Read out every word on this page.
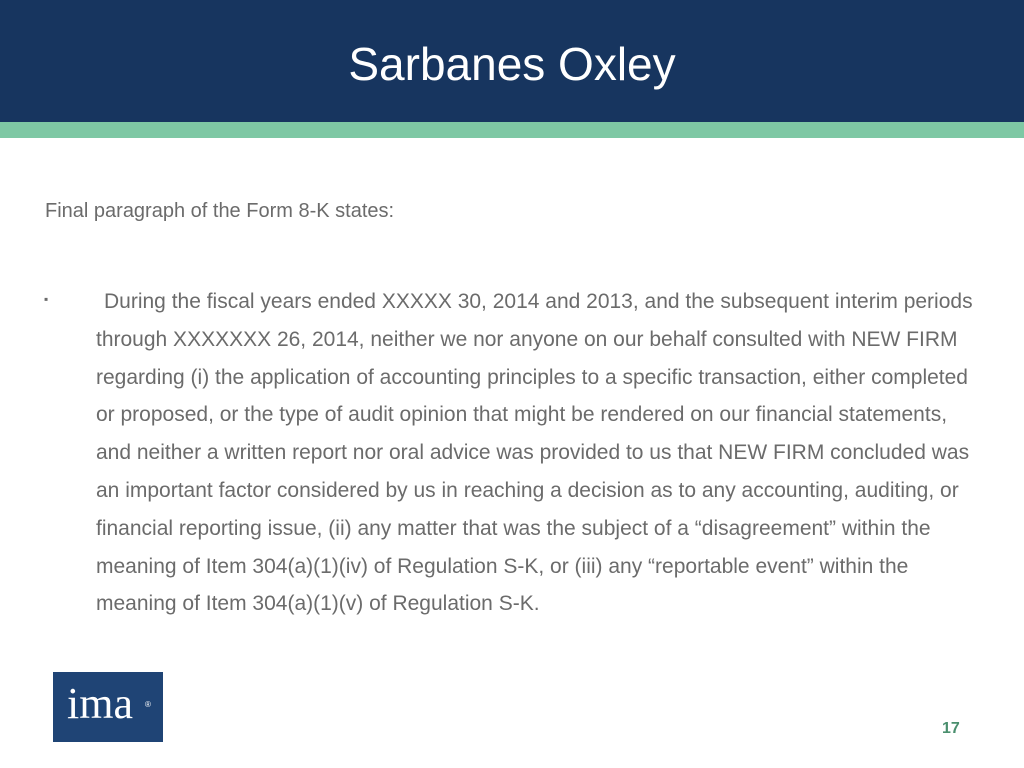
Sarbanes Oxley

Final paragraph of the Form 8-K states:

▪	During the fiscal years ended XXXXX 30, 2014 and 2013, and the subsequent interim periods through XXXXXXX 26, 2014, neither we nor anyone on our behalf consulted with NEW FIRM regarding (i) the application of accounting principles to a specific transaction, either completed or proposed, or the type of audit opinion that might be rendered on our financial statements, and neither a written report nor oral advice was provided to us that NEW FIRM concluded was an important factor considered by us in reaching a decision as to any accounting, auditing, or financial reporting issue, (ii) any matter that was the subject of a “disagreement” within the meaning of Item 304(a)(1)(iv) of Regulation S-K, or (iii) any “reportable event” within the meaning of Item 304(a)(1)(v) of Regulation S-K.

ima ®
17
